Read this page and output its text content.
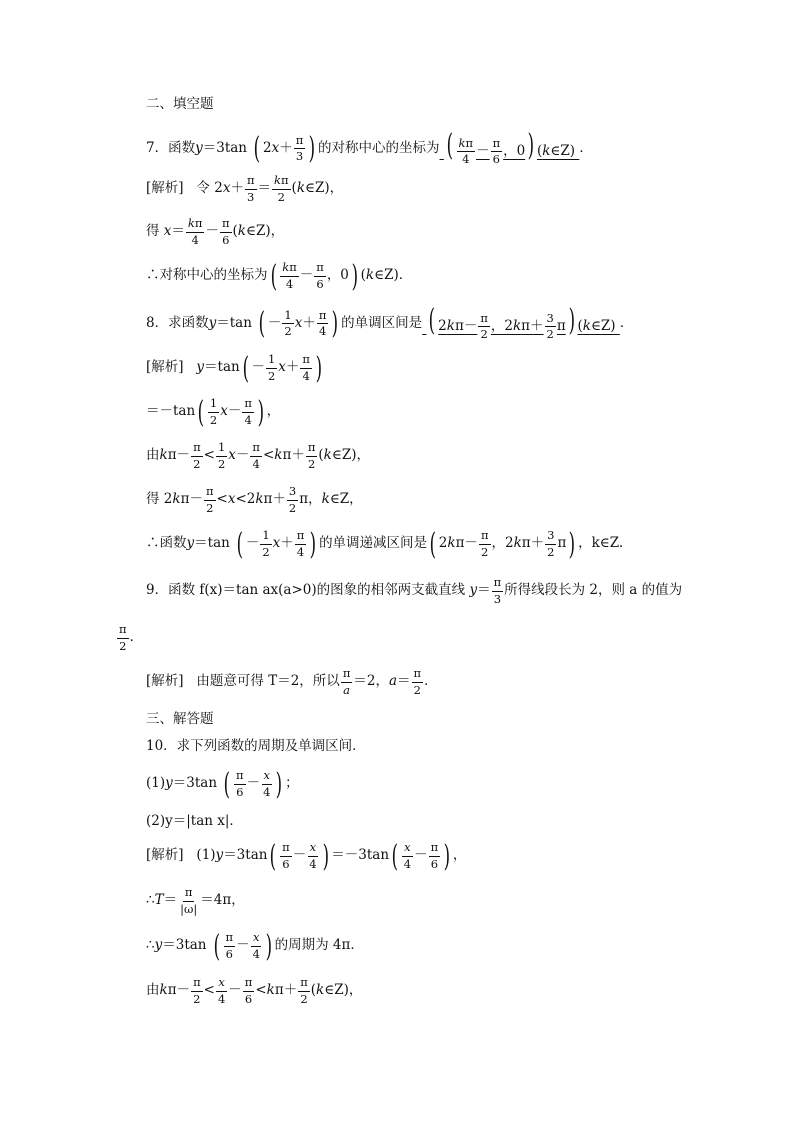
二、填空题
7．函数 y＝3tan ( 2 $x + \frac{\pi}{3}$ ) 的对称中心的坐标为 ( $\frac{k\pi}{4} - \frac{\pi}{6}$ ，0) (k∈Z) ．
[解析]
令 2 $x + \frac{\pi}{3} = \frac{k\pi}{2}$ ( k ∈Z)，
得
$x = \frac{k\pi}{4} - \frac{\pi}{6}$ ( k ∈Z)，
∴对称中心的坐标为 ( $\frac{k\pi}{4} - \frac{\pi}{6}$ ，0 ) ( k ∈Z)．
8．求函数 y＝tan ( － $\frac{1}{2}$ $x + \frac{\pi}{4}$ ) 的单调区间是 ( $2k\pi- \frac{\pi}{2}$ ，$2k\pi+ \frac{3}{2} \pi$) (k∈Z) ．
[解析]
y ＝tan ( － $\frac{1}{2}$ $x + \frac{\pi}{4}$ )
＝－tan ( $\frac{1}{2}$ $x - \frac{\pi}{4}$ ) ，
由 k $\pi- \frac{\pi}{2} < \frac{1}{2}$ $x - \frac{\pi}{4} < k$ $\pi+ \frac{\pi}{2}$ ( k ∈Z)，
得 2 k $\pi- \frac{\pi}{2} < x <2$ k $\pi+ \frac{3}{2}$ π， k ∈Z，
∴函数 y ＝tan ( － $\frac{1}{2}$ $x + \frac{\pi}{4}$ ) 的单调递减区间是 ( 2 k $\pi- \frac{\pi}{2}$ ，2 k $\pi+ \frac{3}{2}$ π ) ，k∈Z.
9．函数 f(x)＝tan ax(a>0)的图象的相邻两支截直线
$y = \frac{\pi}{3}$ 所得线段长为 2，则 a 的值为
$\frac{\pi}{2}$ ．
[解析]
由题意可得 T＝2，所以 $\frac{\pi}{a} =2$， $a = \frac{\pi}{2}$ ．
三、解答题
10．求下列函数的周期及单调区间．
(1) y ＝3tan ( $\frac{\pi}{6} - \frac{x}{4}$ ) ；
(2)y＝|tan x|．
[解析] (1) y ＝3tan ( $\frac{\pi}{6} - \frac{x}{4}$ ) ＝－3tan ( $\frac{x}{4} - \frac{\pi}{6}$ ) ，
∴ $T = \frac{\pi}{|\omega|} =4\pi$，
∴ y ＝3tan ( $\frac{\pi}{6} - \frac{x}{4}$ ) 的周期为 4π．
由 k $\pi- \frac{\pi}{2} < \frac{x}{4} - \frac{\pi}{6} < k$ $\pi+ \frac{\pi}{2}$ ( k ∈Z)，
